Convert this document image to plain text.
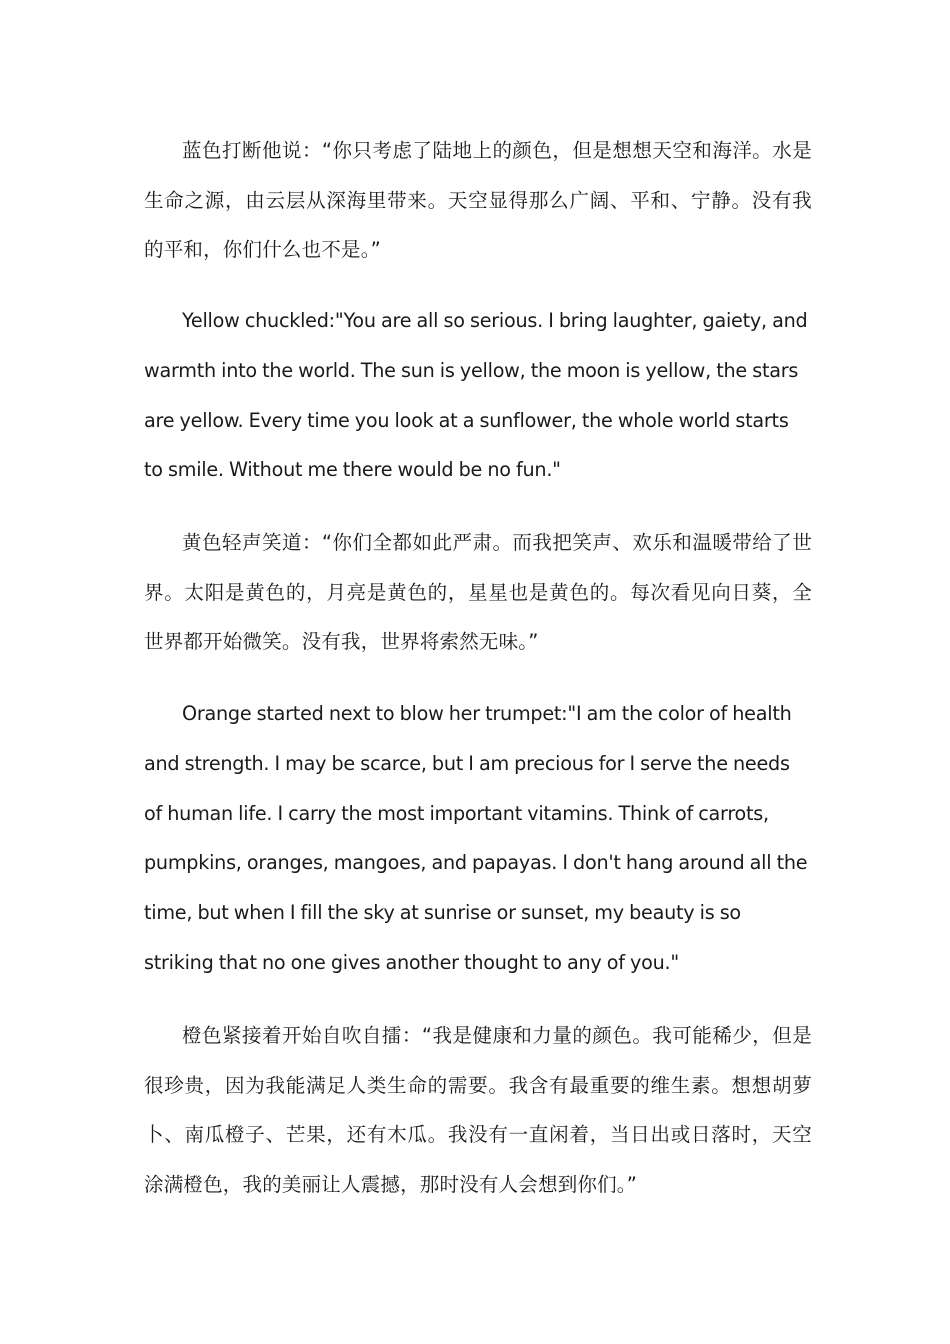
蓝色打断他说：“你只考虑了陆地上的颜色，但是想想天空和海洋。水是生命之源，由云层从深海里带来。天空显得那么广阔、平和、宁静。没有我的平和，你们什么也不是。”

Yellow chuckled:"You are all so serious. I bring laughter, gaiety, and warmth into the world. The sun is yellow, the moon is yellow, the stars are yellow. Every time you look at a sunflower, the whole world starts to smile. Without me there would be no fun."

黄色轻声笑道：“你们全都如此严肃。而我把笑声、欢乐和温暖带给了世界。太阳是黄色的，月亮是黄色的，星星也是黄色的。每次看见向日葵，全世界都开始微笑。没有我，世界将索然无味。”

Orange started next to blow her trumpet:"I am the color of health and strength. I may be scarce, but I am precious for I serve the needs of human life. I carry the most important vitamins. Think of carrots, pumpkins, oranges, mangoes, and papayas. I don't hang around all the time, but when I fill the sky at sunrise or sunset, my beauty is so striking that no one gives another thought to any of you."

橙色紧接着开始自吹自擂：“我是健康和力量的颜色。我可能稀少，但是很珍贵，因为我能满足人类生命的需要。我含有最重要的维生素。想想胡萝卜、南瓜橙子、芒果，还有木瓜。我没有一直闲着，当日出或日落时，天空涂满橙色，我的美丽让人震撼，那时没有人会想到你们。”
